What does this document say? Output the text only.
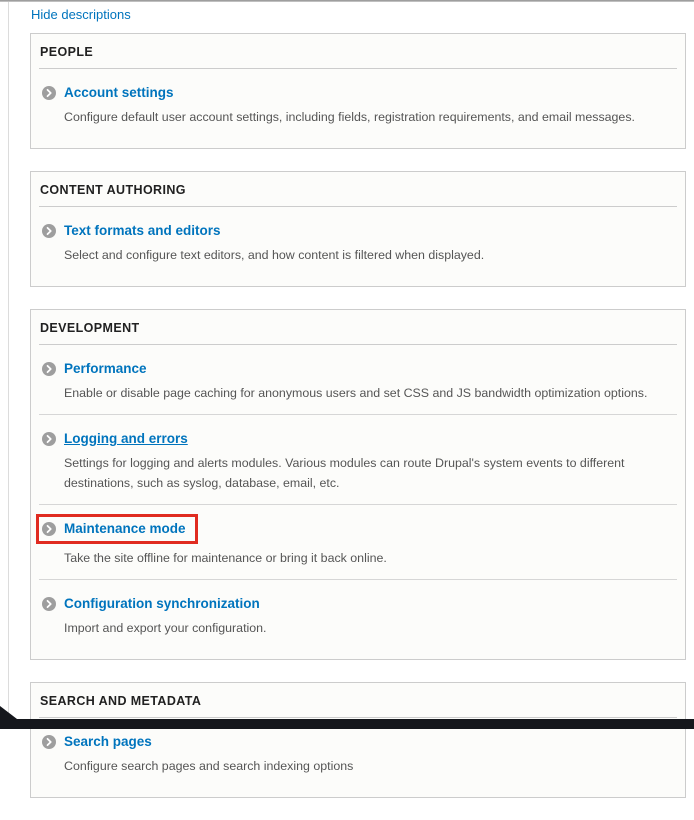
Hide descriptions
PEOPLE
Account settings
Configure default user account settings, including fields, registration requirements, and email messages.
CONTENT AUTHORING
Text formats and editors
Select and configure text editors, and how content is filtered when displayed.
DEVELOPMENT
Performance
Enable or disable page caching for anonymous users and set CSS and JS bandwidth optimization options.
Logging and errors
Settings for logging and alerts modules. Various modules can route Drupal's system events to different destinations, such as syslog, database, email, etc.
Maintenance mode
Take the site offline for maintenance or bring it back online.
Configuration synchronization
Import and export your configuration.
SEARCH AND METADATA
Search pages
Configure search pages and search indexing options
